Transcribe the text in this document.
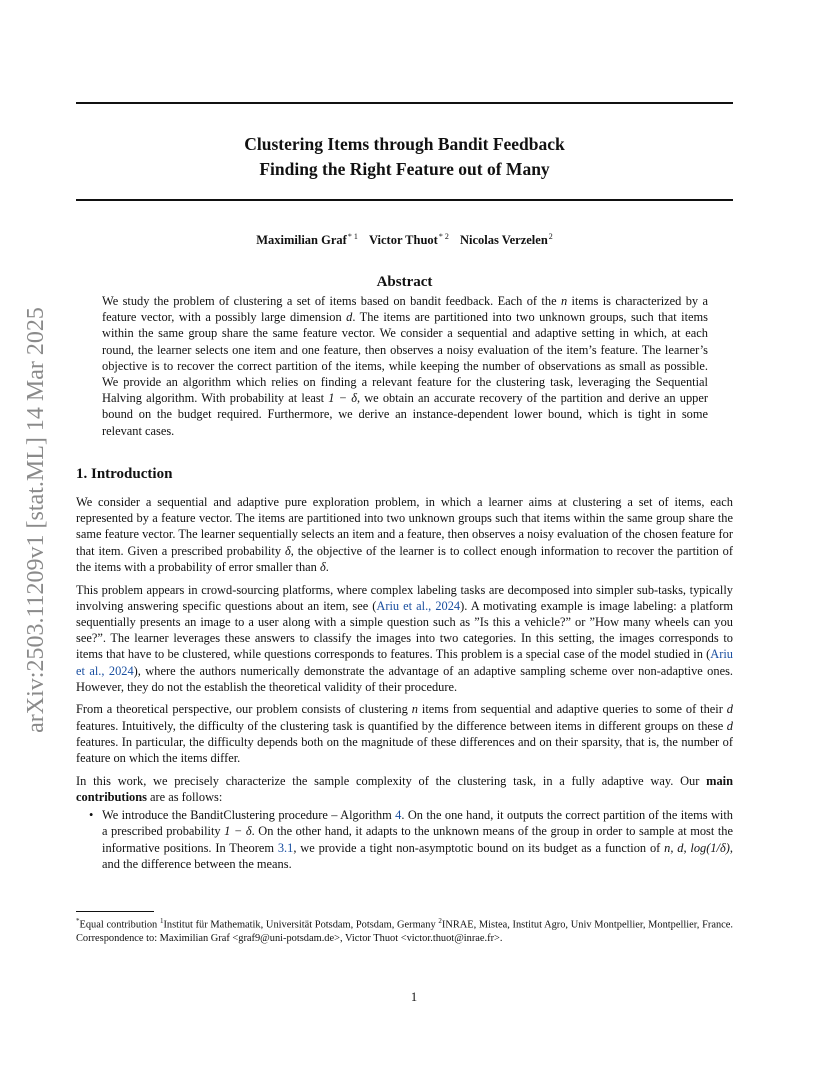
arXiv:2503.11209v1 [stat.ML] 14 Mar 2025
Clustering Items through Bandit Feedback
Finding the Right Feature out of Many
Maximilian Graf$^{* 1}$ Victor Thuot$^{* 2}$ Nicolas Verzelen$^2$
Abstract

We study the problem of clustering a set of items based on bandit feedback. Each of the n items is characterized by a feature vector, with a possibly large dimension d. The items are partitioned into two unknown groups, such that items within the same group share the same feature vector. We consider a sequential and adaptive setting in which, at each round, the learner selects one item and one feature, then observes a noisy evaluation of the item’s feature. The learner’s objective is to recover the correct partition of the items, while keeping the number of observations as small as possible. We provide an algorithm which relies on finding a relevant feature for the clustering task, leveraging the Sequential Halving algorithm. With probability at least 1 − δ, we obtain an accurate recovery of the partition and derive an upper bound on the budget required. Furthermore, we derive an instance-dependent lower bound, which is tight in some relevant cases.

1. Introduction

We consider a sequential and adaptive pure exploration problem, in which a learner aims at clustering a set of items, each represented by a feature vector. The items are partitioned into two unknown groups such that items within the same group share the same feature vector. The learner sequentially selects an item and a feature, then observes a noisy evaluation of the chosen feature for that item. Given a prescribed probability δ, the objective of the learner is to collect enough information to recover the partition of the items with a probability of error smaller than δ.

This problem appears in crowd-sourcing platforms, where complex labeling tasks are decomposed into simpler sub-tasks, typically involving answering specific questions about an item, see (Ariu et al., 2024). A motivating example is image labeling: a platform sequentially presents an image to a user along with a simple question such as ”Is this a vehicle?” or ”How many wheels can you see?”. The learner leverages these answers to classify the images into two categories. In this setting, the images corresponds to items that have to be clustered, while questions corresponds to features. This problem is a special case of the model studied in (Ariu et al., 2024), where the authors numerically demonstrate the advantage of an adaptive sampling scheme over non-adaptive ones. However, they do not the establish the theoretical validity of their procedure.

From a theoretical perspective, our problem consists of clustering n items from sequential and adaptive queries to some of their d features. Intuitively, the difficulty of the clustering task is quantified by the difference between items in different groups on these d features. In particular, the difficulty depends both on the magnitude of these differences and on their sparsity, that is, the number of feature on which the items differ.

In this work, we precisely characterize the sample complexity of the clustering task, in a fully adaptive way. Our main contributions are as follows:

• We introduce the BanditClustering procedure – Algorithm 4. On the one hand, it outputs the correct partition of the items with a prescribed probability 1 − δ. On the other hand, it adapts to the unknown means of the group in order to sample at most the informative positions. In Theorem 3.1, we provide a tight non-asymptotic bound on its budget as a function of n, d, log(1/δ), and the difference between the means.
*Equal contribution $^1$Institut für Mathematik, Universität Potsdam, Potsdam, Germany $^2$INRAE, Mistea, Institut Agro, Univ Montpellier, Montpellier, France. Correspondence to: Maximilian Graf <graf9@uni-potsdam.de>, Victor Thuot <victor.thuot@inrae.fr>.
1
